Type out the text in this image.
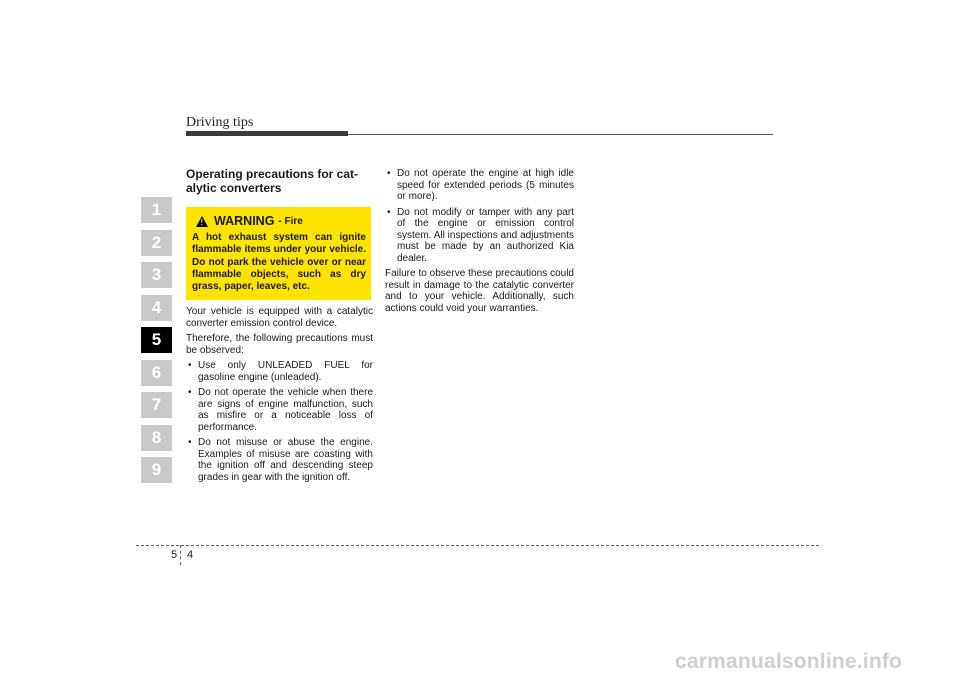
Driving tips
1
2
3
4
5
6
7
8
9
Operating precautions for cat-
alytic converters
!
WARNING - Fire
A hot exhaust system can ignite flammable items under your vehicle. Do not park the vehicle over or near flammable objects, such as dry grass, paper, leaves, etc.

Your vehicle is equipped with a catalytic converter emission control device.

Therefore, the following precautions must be observed:

• Use only UNLEADED FUEL for gasoline engine (unleaded).
• Do not operate the vehicle when there are signs of engine malfunction, such as misfire or a noticeable loss of performance.
• Do not misuse or abuse the engine. Examples of misuse are coasting with the ignition off and descending steep grades in gear with the ignition off.
• Do not operate the engine at high idle speed for extended periods (5 minutes or more).
• Do not modify or tamper with any part of the engine or emission control system. All inspections and adjustments must be made by an authorized Kia dealer.

Failure to observe these precautions could result in damage to the catalytic converter and to your vehicle. Additionally, such actions could void your warranties.

5 4
carmanualsonline.info
